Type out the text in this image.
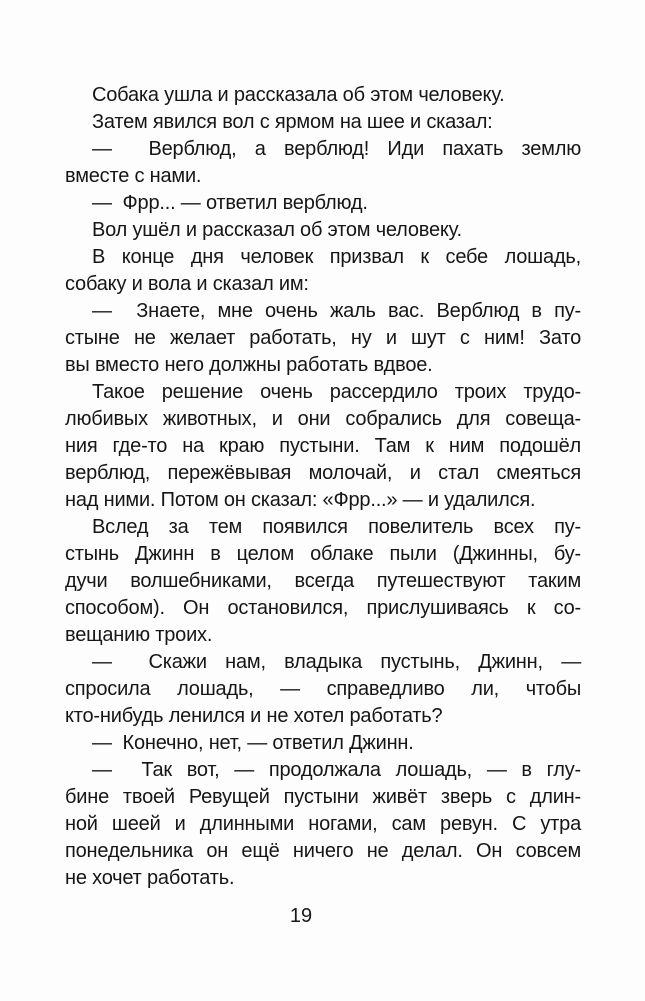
Собака ушла и рассказала об этом человеку.
Затем явился вол с ярмом на шее и сказал:
—  Верблюд, а верблюд! Иди пахать землю
вместе с нами.
—  Фрр... — ответил верблюд.
Вол ушёл и рассказал об этом человеку.
В конце дня человек призвал к себе лошадь,
собаку и вола и сказал им:
—  Знаете, мне очень жаль вас. Верблюд в пу-
стыне не желает работать, ну и шут с ним! Зато
вы вместо него должны работать вдвое.
Такое решение очень рассердило троих трудо-
любивых животных, и они собрались для совеща-
ния где-то на краю пустыни. Там к ним подошёл
верблюд, пережёвывая молочай, и стал смеяться
над ними. Потом он сказал: «Фрр...» — и удалился.
Вслед за тем появился повелитель всех пу-
стынь Джинн в целом облаке пыли (Джинны, бу-
дучи волшебниками, всегда путешествуют таким
способом). Он остановился, прислушиваясь к со-
вещанию троих.
—  Скажи нам, владыка пустынь, Джинн, —
спросила лошадь, — справедливо ли, чтобы
кто-нибудь ленился и не хотел работать?
—  Конечно, нет, — ответил Джинн.
—  Так вот, — продолжала лошадь, — в глу-
бине твоей Ревущей пустыни живёт зверь с длин-
ной шеей и длинными ногами, сам ревун. С утра
понедельника он ещё ничего не делал. Он совсем
не хочет работать.
19
